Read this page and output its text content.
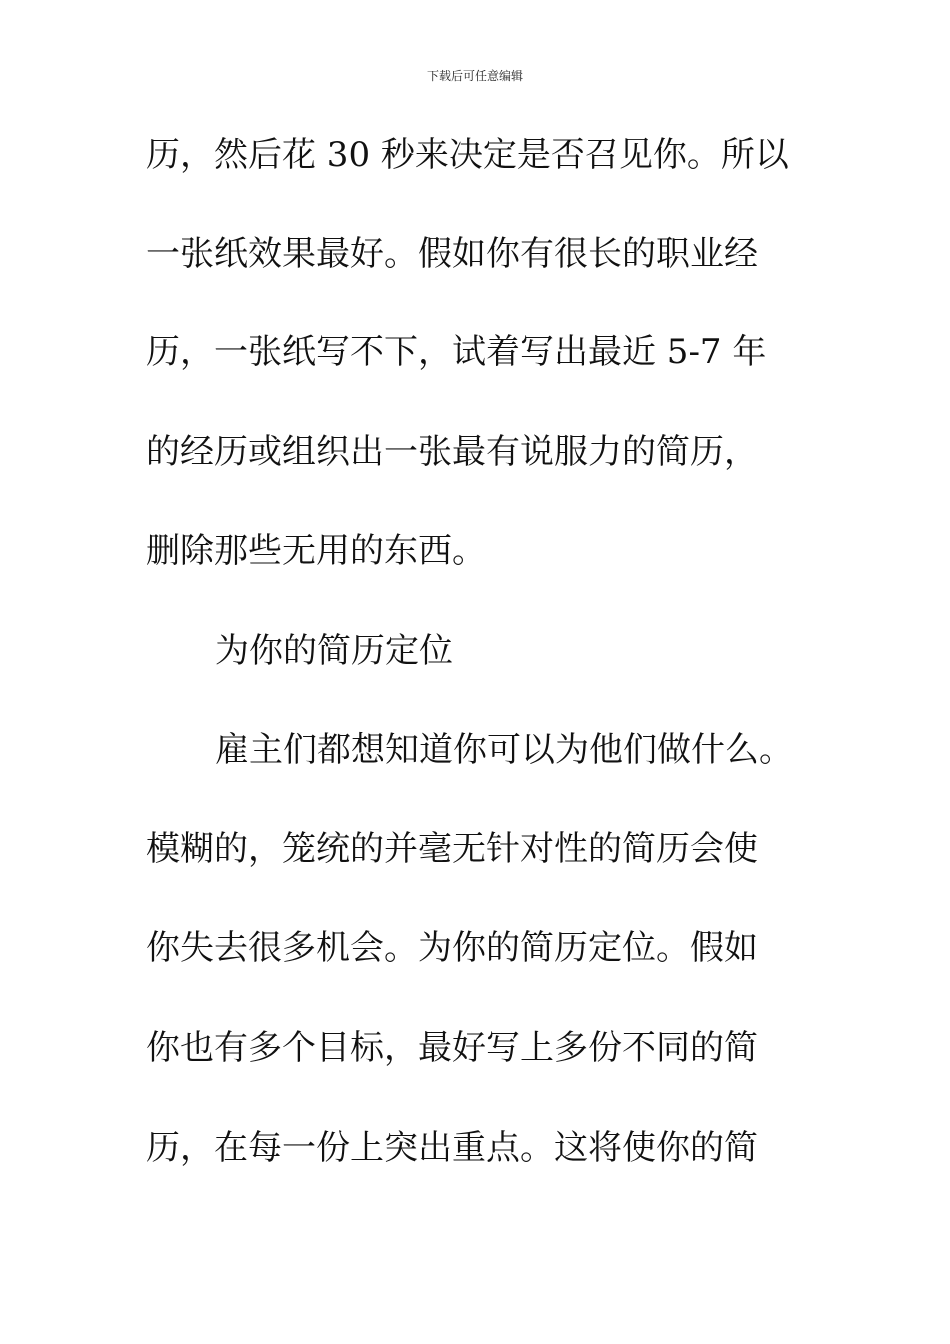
下载后可任意编辑
历，然后花 30 秒来决定是否召见你。所以
一张纸效果最好。假如你有很长的职业经
历，一张纸写不下，试着写出最近 5-7 年
的经历或组织出一张最有说服力的简历，
删除那些无用的东西。
为你的简历定位
雇主们都想知道你可以为他们做什么。
模糊的，笼统的并毫无针对性的简历会使
你失去很多机会。为你的简历定位。假如
你也有多个目标，最好写上多份不同的简
历，在每一份上突出重点。这将使你的简
